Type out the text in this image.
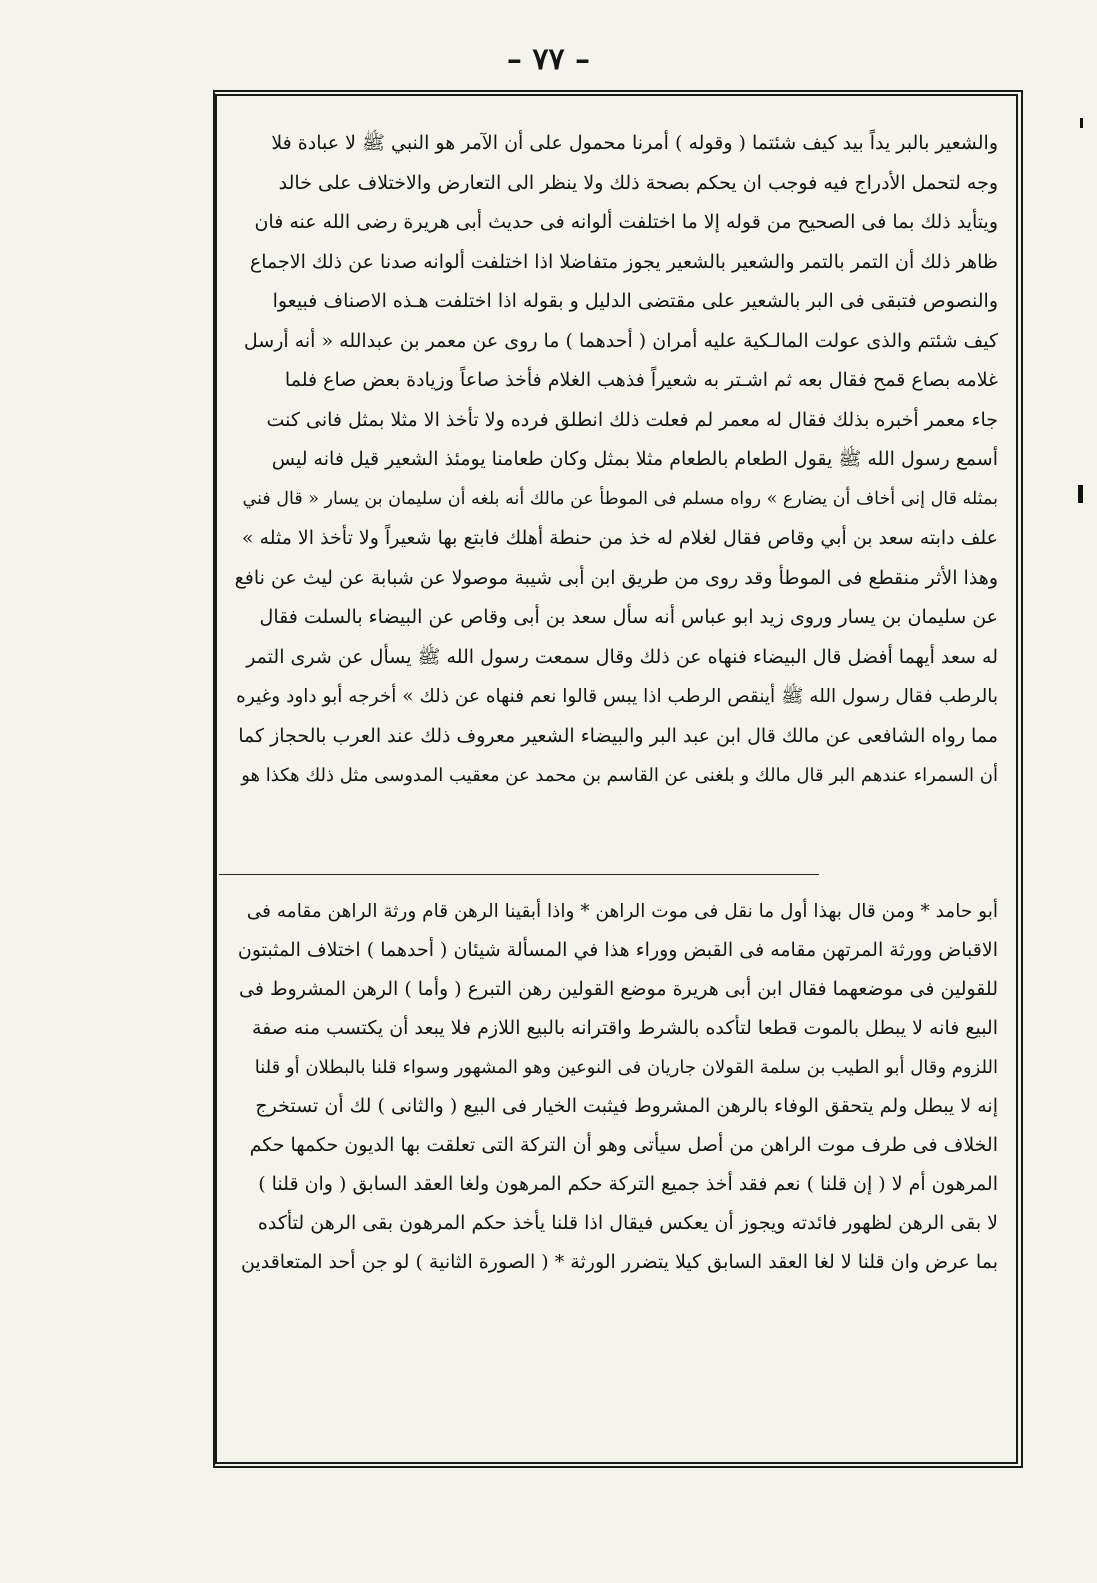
– ٧٧ –
والشعير بالبر يداً بيد كيف شئتما ( وقوله ) أمرنا محمول على أن الآمر هو النبي ﷺ لا عبادة فلا
وجه لتحمل الأدراج فيه فوجب ان يحكم بصحة ذلك ولا ينظر الى التعارض والاختلاف على خالد
ويتأيد ذلك بما فى الصحيح من قوله إلا ما اختلفت ألوانه فى حديث أبى هريرة رضى الله عنه فان
ظاهر ذلك أن التمر بالتمر والشعير بالشعير يجوز متفاضلا اذا اختلفت ألوانه صدنا عن ذلك الاجماع
والنصوص فتبقى فى البر بالشعير على مقتضى الدليل و بقوله اذا اختلفت هـذه الاصناف فبيعوا
كيف شئتم والذى عولت المالـكية عليه أمران ( أحدهما ) ما روى عن معمر بن عبدالله « أنه أرسل
غلامه بصاع قمح فقال بعه ثم اشـتر به شعيراً فذهب الغلام فأخذ صاعاً وزيادة بعض صاع فلما
جاء معمر أخبره بذلك فقال له معمر لم فعلت ذلك انطلق فرده ولا تأخذ الا مثلا بمثل فانى كنت
أسمع رسول الله ﷺ يقول الطعام بالطعام مثلا بمثل وكان طعامنا يومئذ الشعير قيل فانه ليس
بمثله قال إنى أخاف أن يضارع » رواه مسلم فى الموطأ عن مالك أنه بلغه أن سليمان بن يسار « قال فني
علف دابته سعد بن أبي وقاص فقال لغلام له خذ من حنطة أهلك فابتع بها شعيراً ولا تأخذ الا مثله »
وهذا الأثر منقطع فى الموطأ وقد روى من طريق ابن أبى شيبة موصولا عن شبابة عن ليث عن نافع
عن سليمان بن يسار وروى زيد ابو عباس أنه سأل سعد بن أبى وقاص عن البيضاء بالسلت فقال
له سعد أيهما أفضل قال البيضاء فنهاه عن ذلك وقال سمعت رسول الله ﷺ يسأل عن شرى التمر
بالرطب فقال رسول الله ﷺ أينقص الرطب اذا يبس قالوا نعم فنهاه عن ذلك » أخرجه أبو داود وغيره
مما رواه الشافعى عن مالك قال ابن عبد البر والبيضاء الشعير معروف ذلك عند العرب بالحجاز كما
أن السمراء عندهم البر قال مالك و بلغنى عن القاسم بن محمد عن معقيب المدوسى مثل ذلك هكذا هو
أبو حامد * ومن قال بهذا أول ما نقل فى موت الراهن * واذا أبقينا الرهن قام ورثة الراهن مقامه فى
الاقباض وورثة المرتهن مقامه فى القبض ووراء هذا في المسألة شيئان ( أحدهما ) اختلاف المثبتون
للقولين فى موضعهما فقال ابن أبى هريرة موضع القولين رهن التبرع ( وأما ) الرهن المشروط فى
البيع فانه لا يبطل بالموت قطعا لتأكده بالشرط واقترانه بالبيع اللازم فلا يبعد أن يكتسب منه صفة
اللزوم وقال أبو الطيب بن سلمة القولان جاريان فى النوعين وهو المشهور وسواء قلنا بالبطلان أو قلنا
إنه لا يبطل ولم يتحقق الوفاء بالرهن المشروط فيثبت الخيار فى البيع ( والثانى ) لك أن تستخرج
الخلاف فى طرف موت الراهن من أصل سيأتى وهو أن التركة التى تعلقت بها الديون حكمها حكم
المرهون أم لا ( إن قلنا ) نعم فقد أخذ جميع التركة حكم المرهون ولغا العقد السابق ( وان قلنا )
لا بقى الرهن لظهور فائدته ويجوز أن يعكس فيقال اذا قلنا يأخذ حكم المرهون بقى الرهن لتأكده
بما عرض وان قلنا لا لغا العقد السابق كيلا يتضرر الورثة * ( الصورة الثانية ) لو جن أحد المتعاقدين
